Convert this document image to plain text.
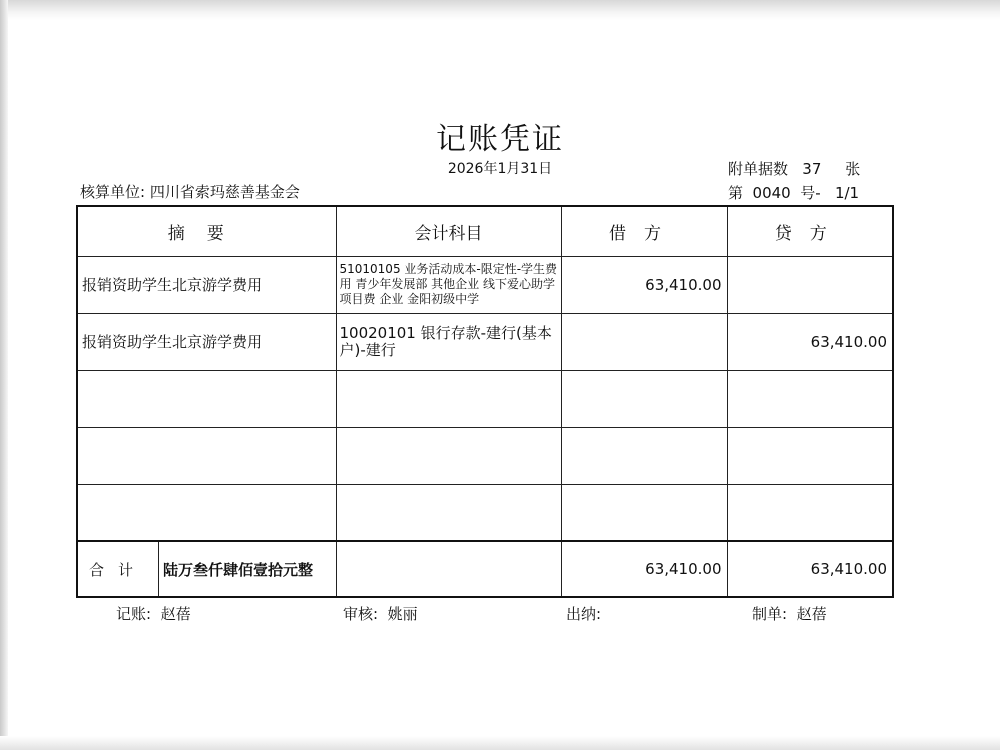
记账凭证
2026年1月31日
核算单位: 四川省索玛慈善基金会
附单据数   37     张
第  0040  号-   1/1
摘要	会计科目	借方	贷方
报销资助学生北京游学费用	51010105 业务活动成本-限定性-学生费用 青少年发展部 其他企业 线下爱心助学 项目费 企业 金阳初级中学	63,410.00	
报销资助学生北京游学费用	10020101 银行存款-建行(基本户)-建行		63,410.00

合计 陆万叁仟肆佰壹拾元整		63,410.00	63,410.00
记账:  赵蓓	审核:  姚丽	出纳:	制单:  赵蓓
